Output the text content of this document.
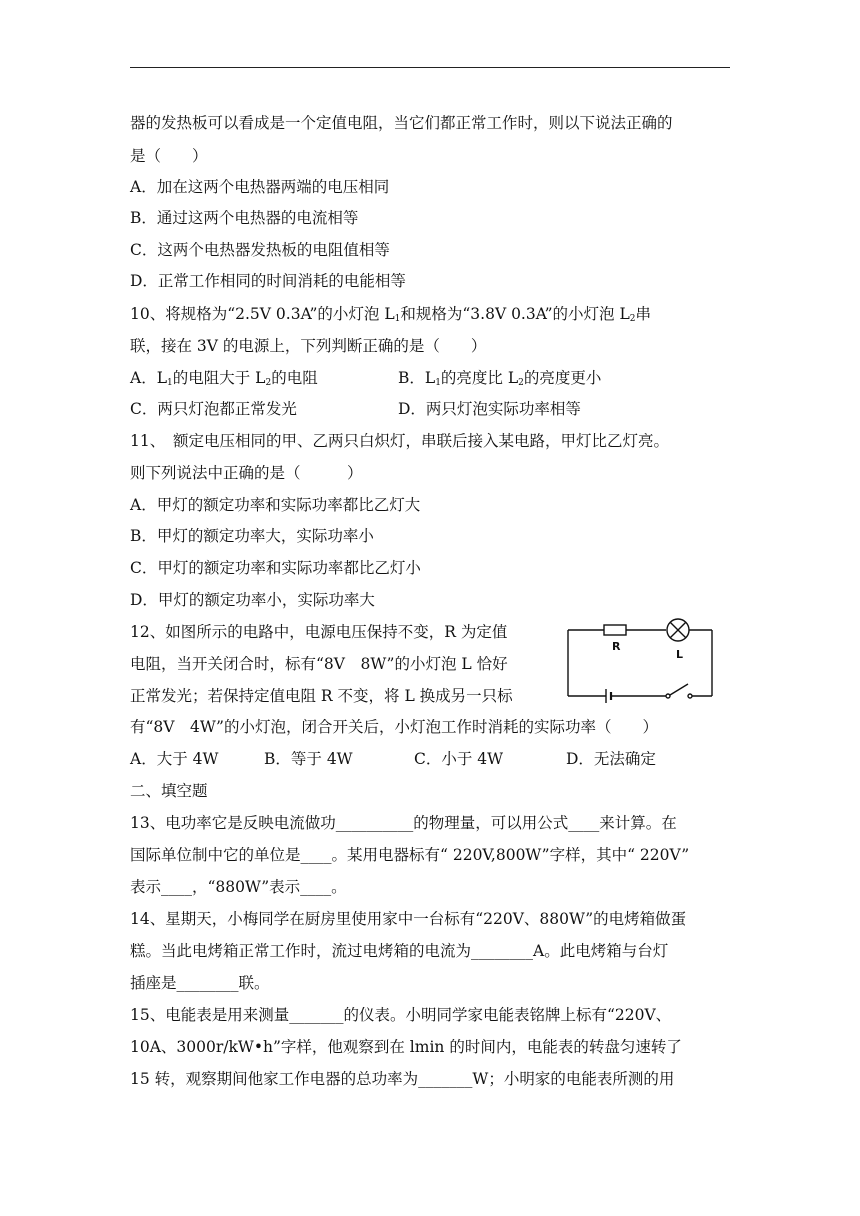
器的发热板可以看成是一个定值电阻，当它们都正常工作时，则以下说法正确的
是（　　）
A．加在这两个电热器两端的电压相同
B．通过这两个电热器的电流相等
C．这两个电热器发热板的电阻值相等
D．正常工作相同的时间消耗的电能相等
10、将规格为“2.5V 0.3A”的小灯泡 $L_1$和规格为“3.8V 0.3A”的小灯泡 $L_2$串
联，接在 3V 的电源上，下列判断正确的是（　　）
A．$L_1$的电阻大于 $L_2$的电阻	B．$L_1$的亮度比 $L_2$的亮度更小
C．两只灯泡都正常发光	D．两只灯泡实际功率相等
11、　额定电压相同的甲、乙两只白炽灯，串联后接入某电路，甲灯比乙灯亮。
则下列说法中正确的是（　　　）
A．甲灯的额定功率和实际功率都比乙灯大
B．甲灯的额定功率大，实际功率小
C．甲灯的额定功率和实际功率都比乙灯小
D．甲灯的额定功率小，实际功率大
12、如图所示的电路中，电源电压保持不变，R 为定值
电阻，当开关闭合时，标有“8V　8W”的小灯泡 L 恰好
正常发光；若保持定值电阻 R 不变，将 L 换成另一只标
有“8V　4W”的小灯泡，闭合开关后，小灯泡工作时消耗的实际功率（　　）
A．大于 4W	B．等于 4W	C．小于 4W	D．无法确定
R
L
二、填空题
13、电功率它是反映电流做功__________的物理量，可以用公式____来计算。在
国际单位制中它的单位是____。某用电器标有“ 220V,800W”字样，其中“ 220V”
表示____，“880W”表示____。
14、星期天，小梅同学在厨房里使用家中一台标有“220V、880W”的电烤箱做蛋
糕。当此电烤箱正常工作时，流过电烤箱的电流为________A。此电烤箱与台灯
插座是________联。
15、电能表是用来测量_______的仪表。小明同学家电能表铭牌上标有“220V、
10A、3000r/kW•h”字样，他观察到在 lmin 的时间内，电能表的转盘匀速转了
15 转，观察期间他家工作电器的总功率为_______W；小明家的电能表所测的用
